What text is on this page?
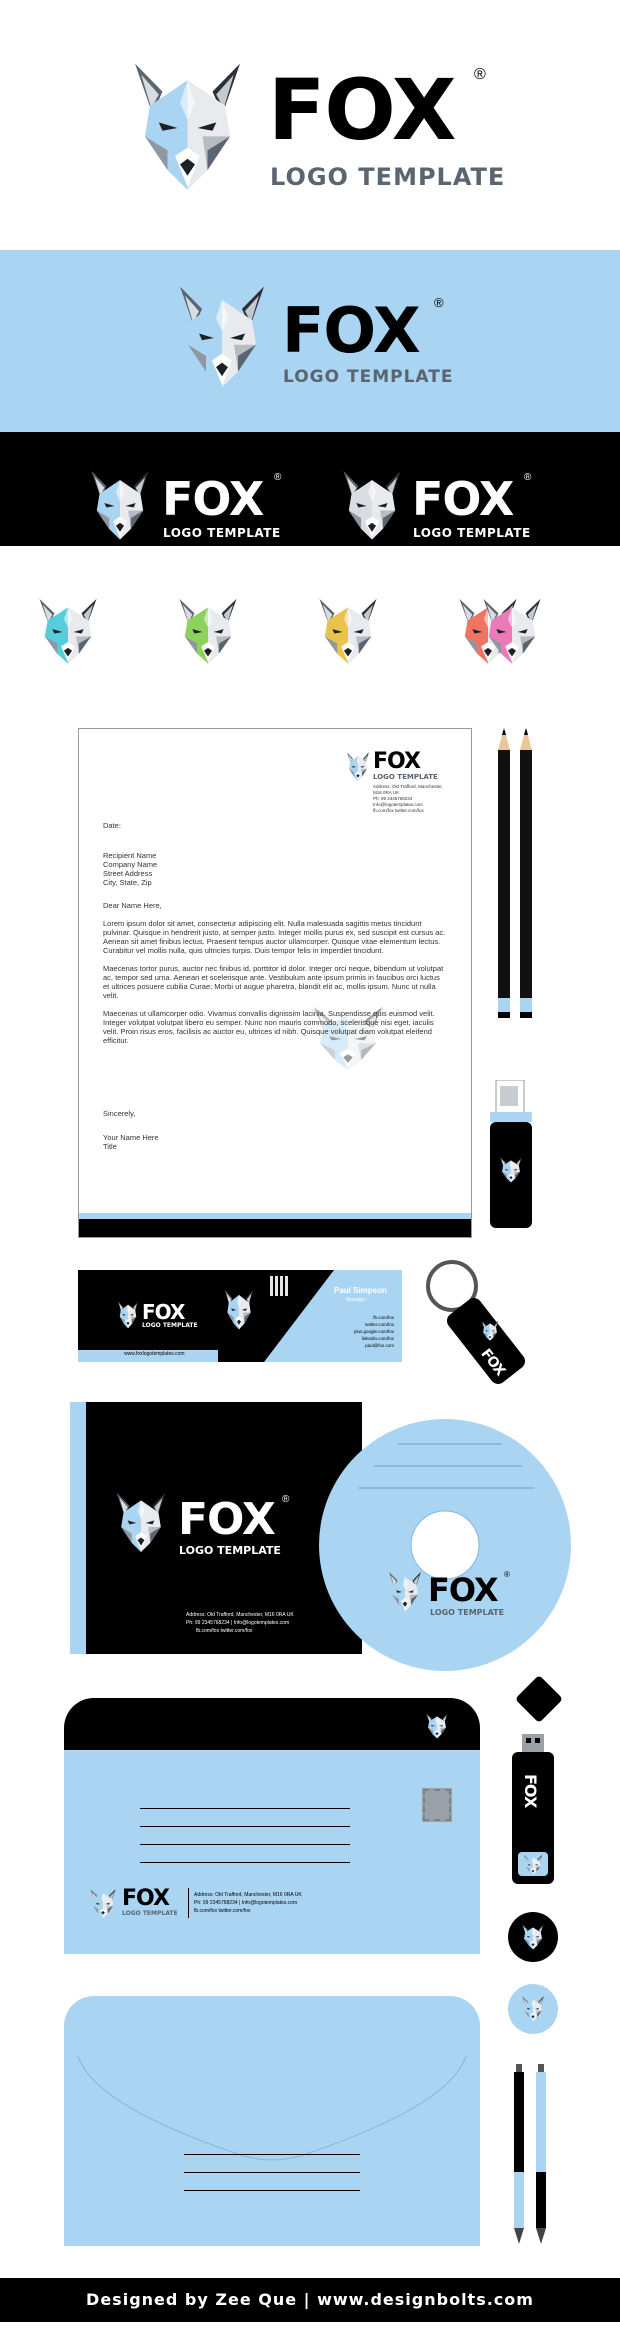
FOX ®
LOGO TEMPLATE
FOX ®
LOGO TEMPLATE
FOX ®
LOGO TEMPLATE
FOX ®
LOGO TEMPLATE
FOX
LOGO TEMPLATE
Address: Old Trafford, Manchester,
M16 0RA UK
Ph: 99 2345768234
Info@logotemplates.com
fb.com/fox twitter.com/fox
Date:
Recipient Name
Company Name
Street Address
City, State, Zip
Dear Name Here,

Lorem ipsum dolor sit amet, consectetur adipiscing elit. Nulla malesuada sagittis metus tincidunt pulvinar. Quisque in hendrerit justo, at semper justo. Integer mollis purus ex, sed suscipit est cursus ac. Aenean sit amet finibus lectus. Praesent tempus auctor ullamcorper. Quisque vitae elementum lectus. Curabitur vel mollis nulla, quis ultricies turpis. Duis tempor felis in imperdiet tincidunt.

Maecenas tortor purus, auctor nec finibus id, porttitor id dolor. Integer orci neque, bibendum ut volutpat ac, tempor sed urna. Aenean et scelerisque ante. Vestibulum ante ipsum primis in faucibus orci luctus et ultrices posuere cubilia Curae; Morbi ut augue pharetra, blandit elit ac, mollis ipsum. Nunc ut nulla velit.

Maecenas ut ullamcorper odio. Vivamus convallis dignissim lacinia. Suspendisse quis euismod velit. Integer volutpat volutpat libero eu semper. Nunc non mauris commodo, scelerisque nisi eget, iaculis velit. Proin risus eros, facilisis ac auctor eu, ultrices id nibh. Quisque volutpat diam volutpat eleifend efficitur.

Sincerely,
Your Name Here
Title
FOX
LOGO TEMPLATE
www.foxlogotemplates.com
Paul Simpson
Manager
fb.com/fox
twitter.com/fox
plus.google.com/fox
linkedin.com/fox
paul@fox.com
FOX
FOX ®
LOGO TEMPLATE
Address: Old Trafford, Manchester, M16 0RA UK
Ph: 99 2345768234 | Info@logotemplates.com
fb.com/fox twitter.com/fox
FOX ®
LOGO TEMPLATE
FOX
LOGO TEMPLATE
Address: Old Trafford, Manchester, M16 0RA UK
Ph: 99 2345768234 | Info@logotemplates.com
fb.com/fox twitter.com/fox
FOX
Designed by Zee Que | www.designbolts.com
